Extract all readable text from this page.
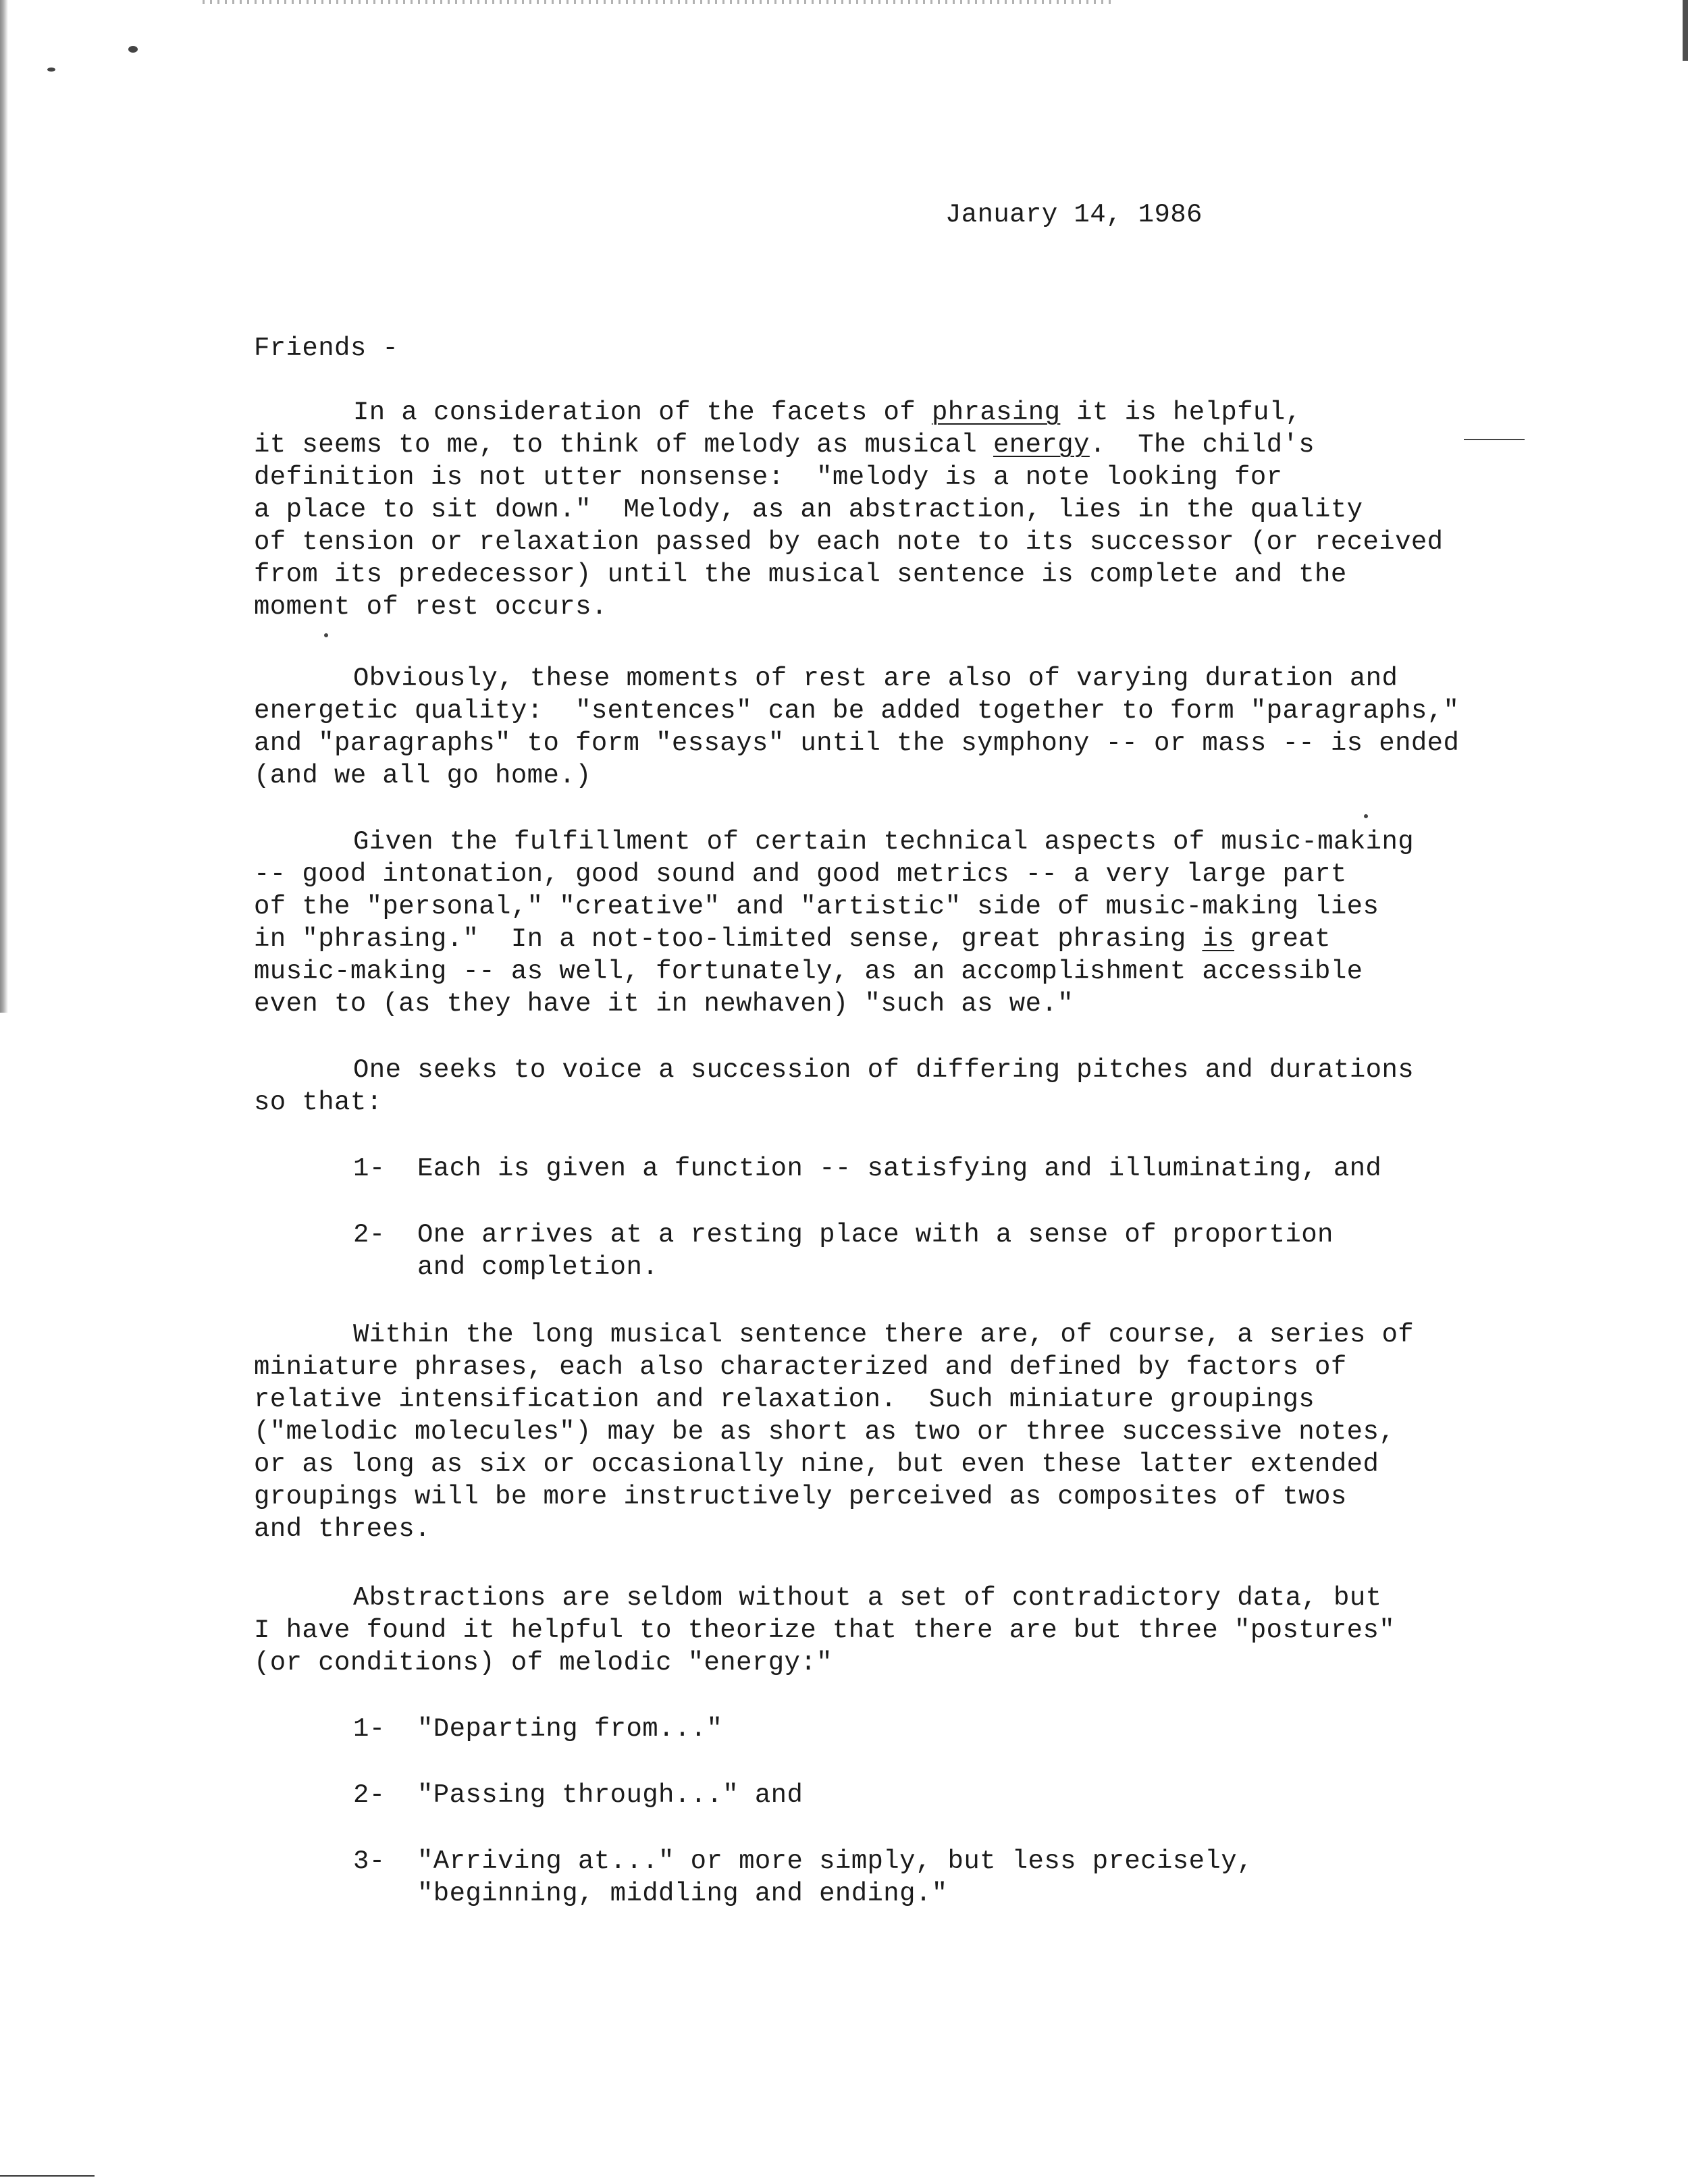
January 14, 1986
Friends -
In a consideration of the facets of phrasing it is helpful,
it seems to me, to think of melody as musical energy.  The child's
definition is not utter nonsense:  "melody is a note looking for
a place to sit down."  Melody, as an abstraction, lies in the quality
of tension or relaxation passed by each note to its successor (or received
from its predecessor) until the musical sentence is complete and the
moment of rest occurs.
Obviously, these moments of rest are also of varying duration and
energetic quality:  "sentences" can be added together to form "paragraphs,"
and "paragraphs" to form "essays" until the symphony -- or mass -- is ended
(and we all go home.)
Given the fulfillment of certain technical aspects of music-making
-- good intonation, good sound and good metrics -- a very large part
of the "personal," "creative" and "artistic" side of music-making lies
in "phrasing."  In a not-too-limited sense, great phrasing is great
music-making -- as well, fortunately, as an accomplishment accessible
even to (as they have it in newhaven) "such as we."
One seeks to voice a succession of differing pitches and durations
so that:
1- Each is given a function -- satisfying and illuminating, and
2- One arrives at a resting place with a sense of proportion
and completion.
Within the long musical sentence there are, of course, a series of
miniature phrases, each also characterized and defined by factors of
relative intensification and relaxation.  Such miniature groupings
("melodic molecules") may be as short as two or three successive notes,
or as long as six or occasionally nine, but even these latter extended
groupings will be more instructively perceived as composites of twos
and threes.
Abstractions are seldom without a set of contradictory data, but
I have found it helpful to theorize that there are but three "postures"
(or conditions) of melodic "energy:"
1- "Departing from..."
2- "Passing through..." and
3- "Arriving at..." or more simply, but less precisely,
"beginning, middling and ending."
